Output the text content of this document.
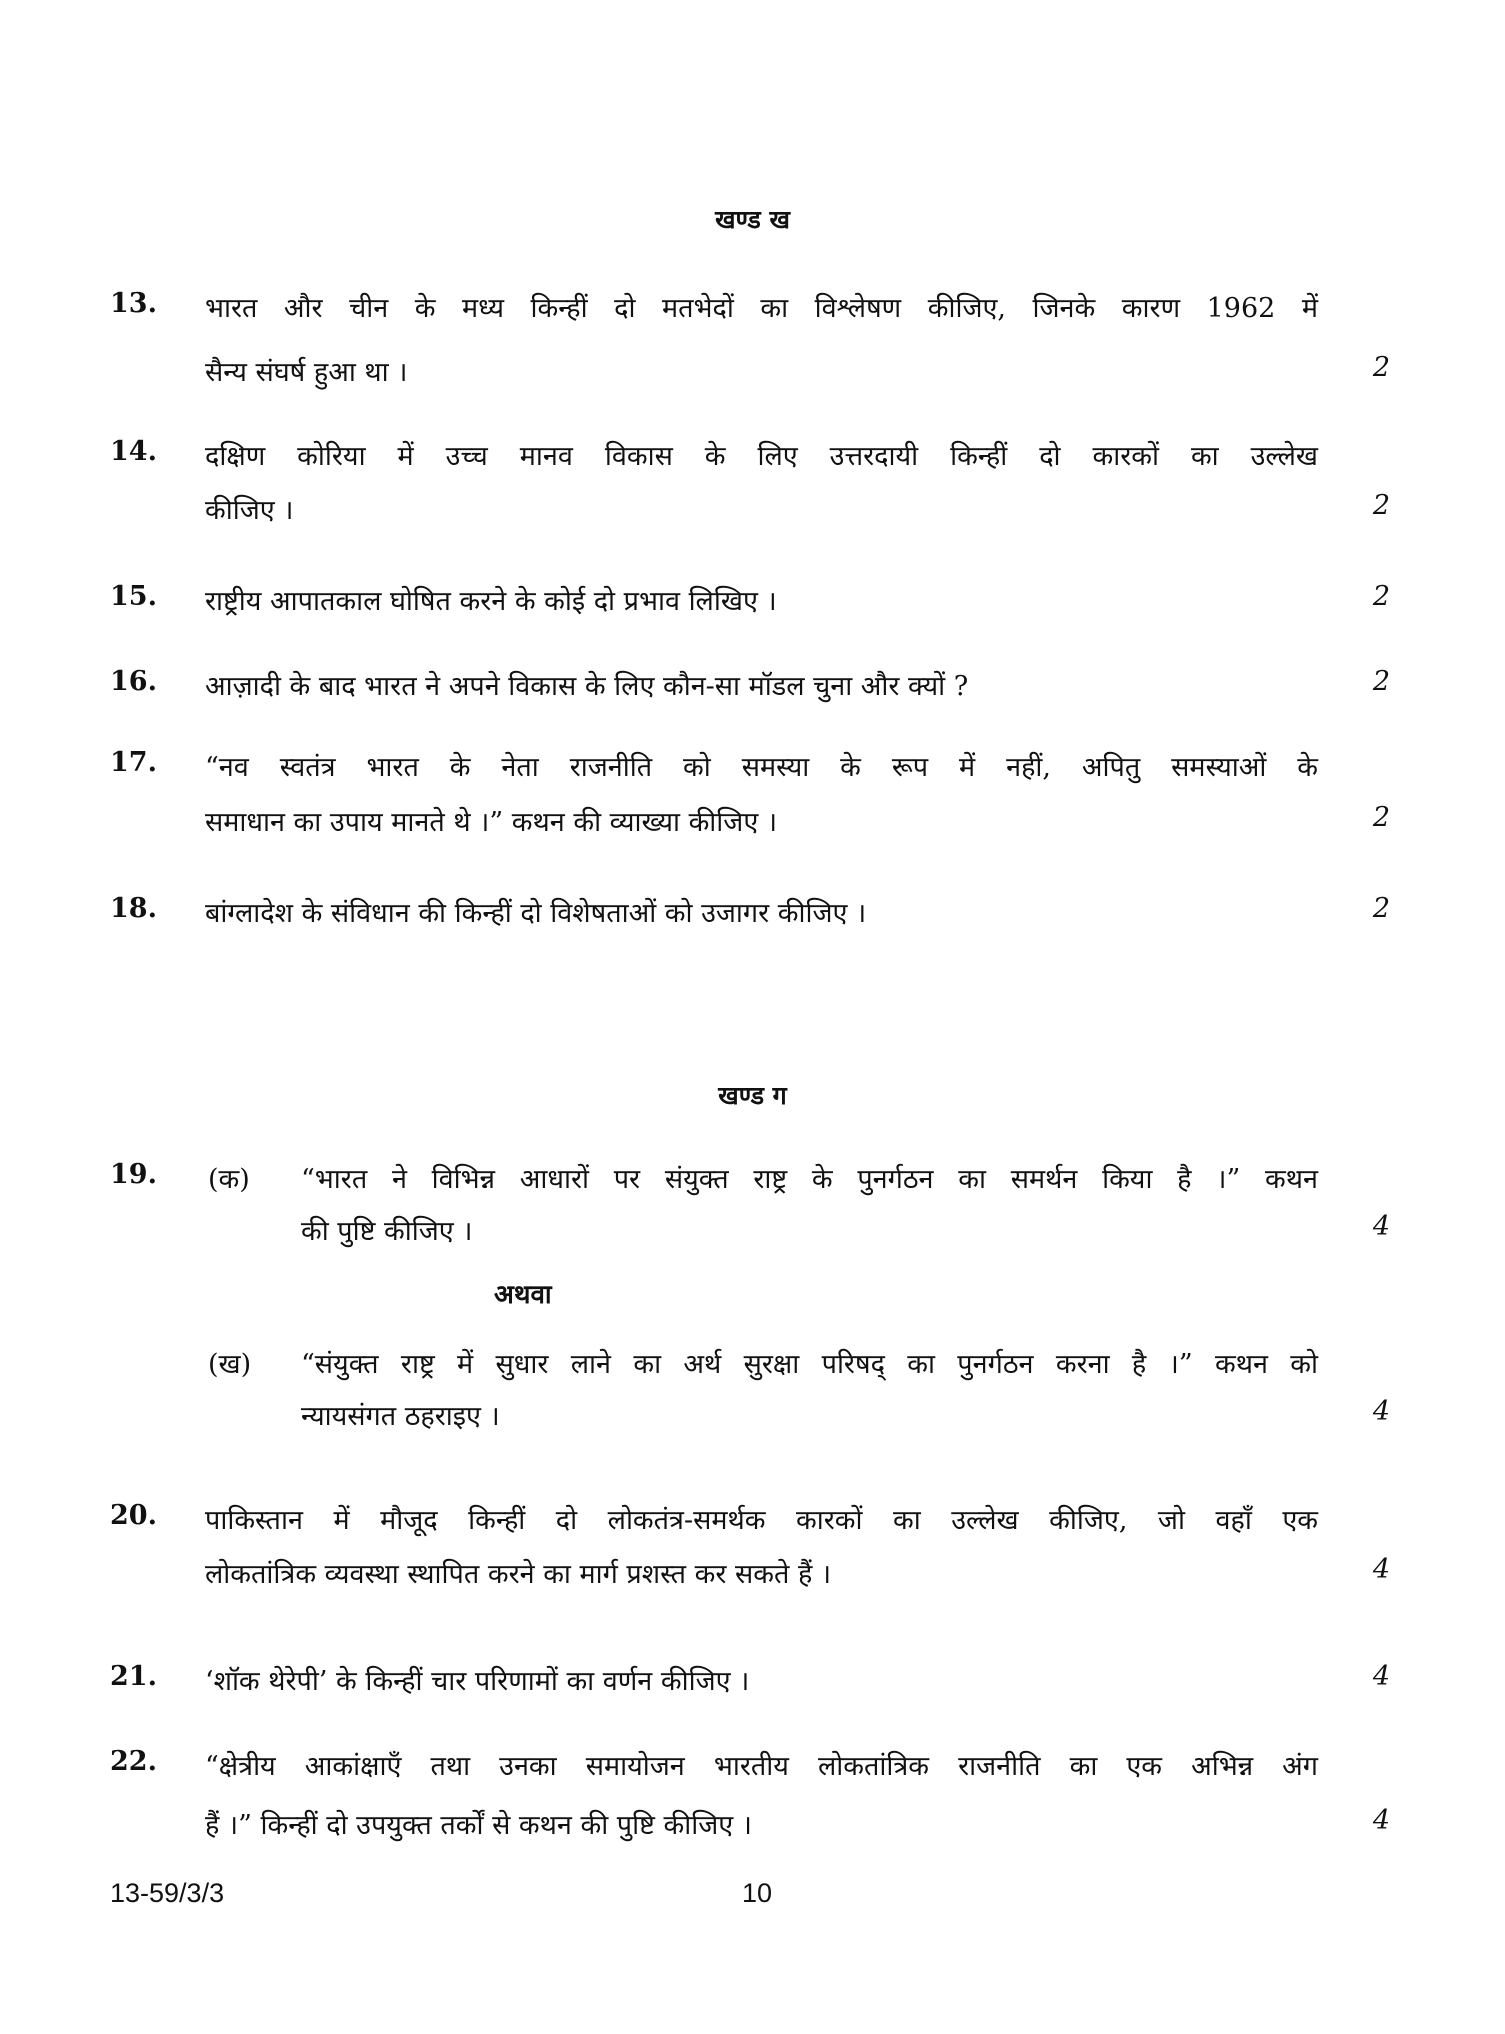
खण्ड ख
13. भारत और चीन के मध्य किन्हीं दो मतभेदों का विश्लेषण कीजिए, जिनके कारण 1962 में
सैन्य संघर्ष हुआ था ।	2
14. दक्षिण कोरिया में उच्च मानव विकास के लिए उत्तरदायी किन्हीं दो कारकों का उल्लेख
कीजिए ।	2
15. राष्ट्रीय आपातकाल घोषित करने के कोई दो प्रभाव लिखिए ।	2
16. आज़ादी के बाद भारत ने अपने विकास के लिए कौन-सा मॉडल चुना और क्यों ?	2
17. “नव स्वतंत्र भारत के नेता राजनीति को समस्या के रूप में नहीं, अपितु समस्याओं के
समाधान का उपाय मानते थे ।” कथन की व्याख्या कीजिए ।	2
18. बांग्लादेश के संविधान की किन्हीं दो विशेषताओं को उजागर कीजिए ।	2
खण्ड ग
19. (क) “भारत ने विभिन्न आधारों पर संयुक्त राष्ट्र के पुनर्गठन का समर्थन किया है ।” कथन
की पुष्टि कीजिए ।	4
अथवा
(ख) “संयुक्त राष्ट्र में सुधार लाने का अर्थ सुरक्षा परिषद् का पुनर्गठन करना है ।” कथन को
न्यायसंगत ठहराइए ।	4
20. पाकिस्तान में मौजूद किन्हीं दो लोकतंत्र-समर्थक कारकों का उल्लेख कीजिए, जो वहाँ एक
लोकतांत्रिक व्यवस्था स्थापित करने का मार्ग प्रशस्त कर सकते हैं ।	4
21. ‘शॉक थेरेपी’ के किन्हीं चार परिणामों का वर्णन कीजिए ।	4
22. “क्षेत्रीय आकांक्षाएँ तथा उनका समायोजन भारतीय लोकतांत्रिक राजनीति का एक अभिन्न अंग
हैं ।” किन्हीं दो उपयुक्त तर्कों से कथन की पुष्टि कीजिए ।	4
13-59/3/3	10
